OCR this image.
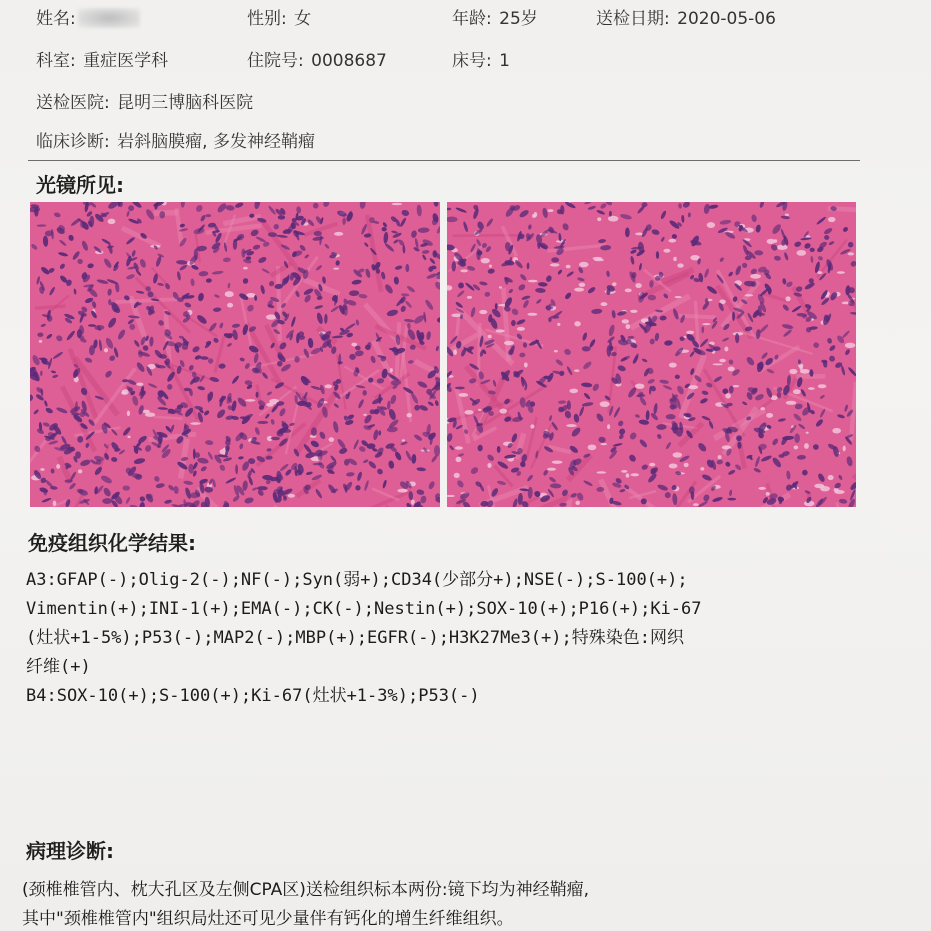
姓名:	性别: 女	年龄: 25岁	送检日期: 2020-05-06
科室: 重症医学科	住院号: 0008687	床号: 1
送检医院: 昆明三博脑科医院
临床诊断: 岩斜脑膜瘤, 多发神经鞘瘤
光镜所见:
免疫组织化学结果:
A3:GFAP(-);Olig-2(-);NF(-);Syn(弱+);CD34(少部分+);NSE(-);S-100(+);
Vimentin(+);INI-1(+);EMA(-);CK(-);Nestin(+);SOX-10(+);P16(+);Ki-67
(灶状+1-5%);P53(-);MAP2(-);MBP(+);EGFR(-);H3K27Me3(+);特殊染色:网织
纤维(+)
B4:SOX-10(+);S-100(+);Ki-67(灶状+1-3%);P53(-)
病理诊断:
(颈椎椎管内、枕大孔区及左侧CPA区)送检组织标本两份:镜下均为神经鞘瘤,
其中"颈椎椎管内"组织局灶还可见少量伴有钙化的增生纤维组织。
